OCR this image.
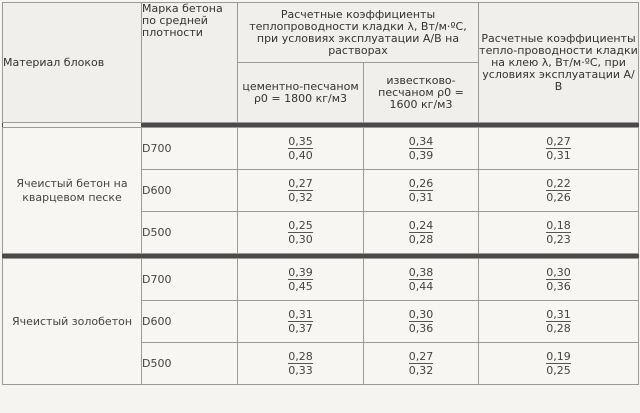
Материал блоков	Марка бетона по средней плотности	Расчетные коэффициенты теплопроводности кладки λ, Вт/м·ºС, при условиях эксплуатации А/В на растворах		Расчетные коэффициенты тепло-проводности кладки на клею λ, Вт/м·ºС, при условиях эксплуатации А/В
		цементно-песчаном ρ0 = 1800 кг/м3	известково-песчаном ρ0 = 1600 кг/м3	

Ячеистый бетон на кварцевом песке	D700	$\frac{0,35}{0,40}$	$\frac{0,34}{0,39}$	$\frac{0,27}{0,31}$

	D600	$\frac{0,27}{0,32}$	$\frac{0,26}{0,31}$	$\frac{0,22}{0,26}$

	D500	$\frac{0,25}{0,30}$	$\frac{0,24}{0,28}$	$\frac{0,18}{0,23}$

Ячеистый золобетон	D700	$\frac{0,39}{0,45}$	$\frac{0,38}{0,44}$	$\frac{0,30}{0,36}$

	D600	$\frac{0,31}{0,37}$	$\frac{0,30}{0,36}$	$\frac{0,31}{0,28}$

	D500	$\frac{0,28}{0,33}$	$\frac{0,27}{0,32}$	$\frac{0,19}{0,25}$
